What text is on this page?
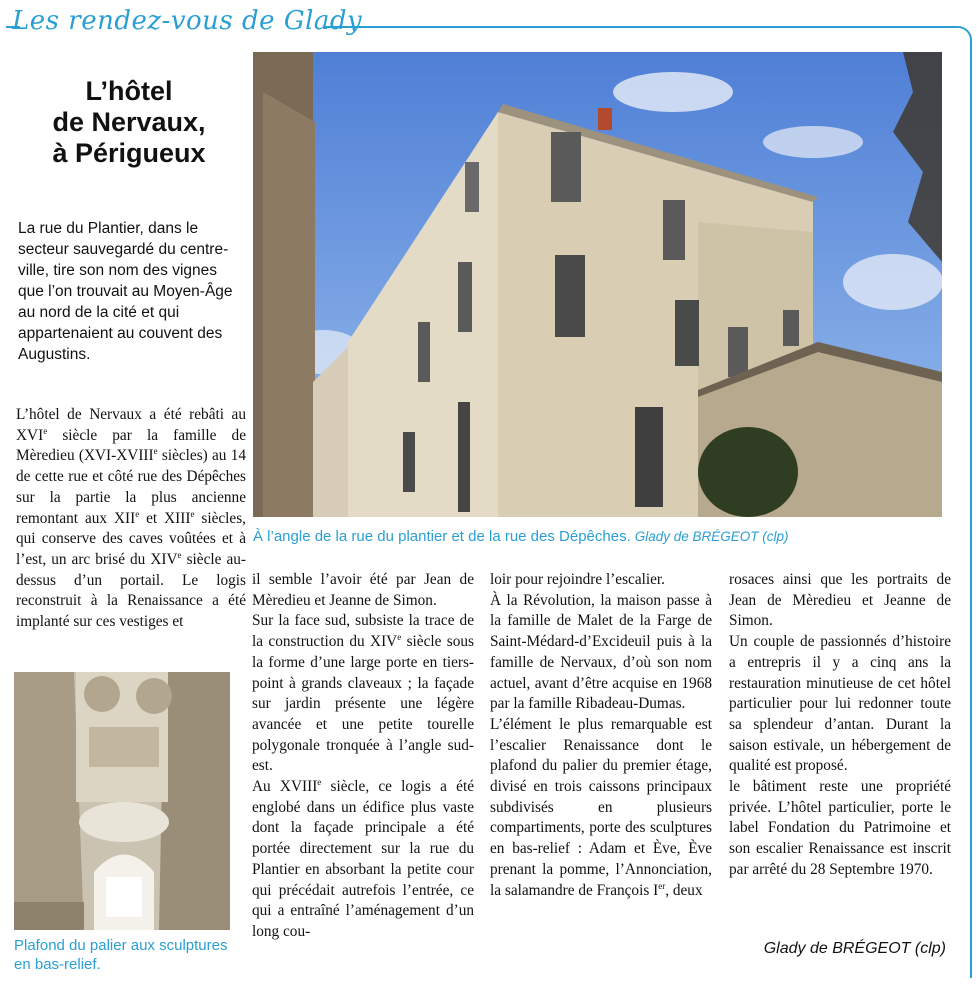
Les rendez-vous de Glady
L’hôtel
de Nervaux,
à Périgueux
La rue du Plantier, dans le secteur sauvegardé du centre-ville, tire son nom des vignes que l’on trouvait au Moyen-Âge au nord de la cité et qui appartenaient au couvent des Augustins.

L’hôtel de Nervaux a été rebâti au XVIe siècle par la famille de Mèredieu (XVI-XVIIIe siècles) au 14 de cette rue et côté rue des Dépêches sur la partie la plus ancienne remontant aux XIIe et XIIIe siècles, qui conserve des caves voûtées et à l’est, un arc brisé du XIVe siècle au-dessus d’un portail. Le logis reconstruit à la Renaissance a été implanté sur ces vestiges et

À l’angle de la rue du plantier et de la rue des Dépêches. Glady de BRÉGEOT (clp)
Plafond du palier aux sculptures en bas-relief.

il semble l’avoir été par Jean de Mèredieu et Jeanne de Simon.

Sur la face sud, subsiste la trace de la construction du XIVe siècle sous la forme d’une large porte en tiers-point à grands claveaux ; la façade sur jardin présente une légère avancée et une petite tourelle polygonale tronquée à l’angle sud-est.

Au XVIIIe siècle, ce logis a été englobé dans un édifice plus vaste dont la façade principale a été portée directement sur la rue du Plantier en absorbant la petite cour qui précédait autrefois l’entrée, ce qui a entraîné l’aménagement d’un long cou-

loir pour rejoindre l’escalier.

À la Révolution, la maison passe à la famille de Malet de la Farge de Saint-Médard-d’Excideuil puis à la famille de Nervaux, d’où son nom actuel, avant d’être acquise en 1968 par la famille Ribadeau-Dumas.

L’élément le plus remarquable est l’escalier Renaissance dont le plafond du palier du premier étage, divisé en trois caissons principaux subdivisés en plusieurs compartiments, porte des sculptures en bas-relief : Adam et Ève, Ève prenant la pomme, l’Annonciation, la salamandre de François Ier, deux

rosaces ainsi que les portraits de Jean de Mèredieu et Jeanne de Simon.

Un couple de passionnés d’histoire a entrepris il y a cinq ans la restauration minutieuse de cet hôtel particulier pour lui redonner toute sa splendeur d’antan. Durant la saison estivale, un hébergement de qualité est proposé.

le bâtiment reste une propriété privée. L’hôtel particulier, porte le label Fondation du Patrimoine et son escalier Renaissance est inscrit par arrêté du 28 Septembre 1970.

Glady de BRÉGEOT (clp)
